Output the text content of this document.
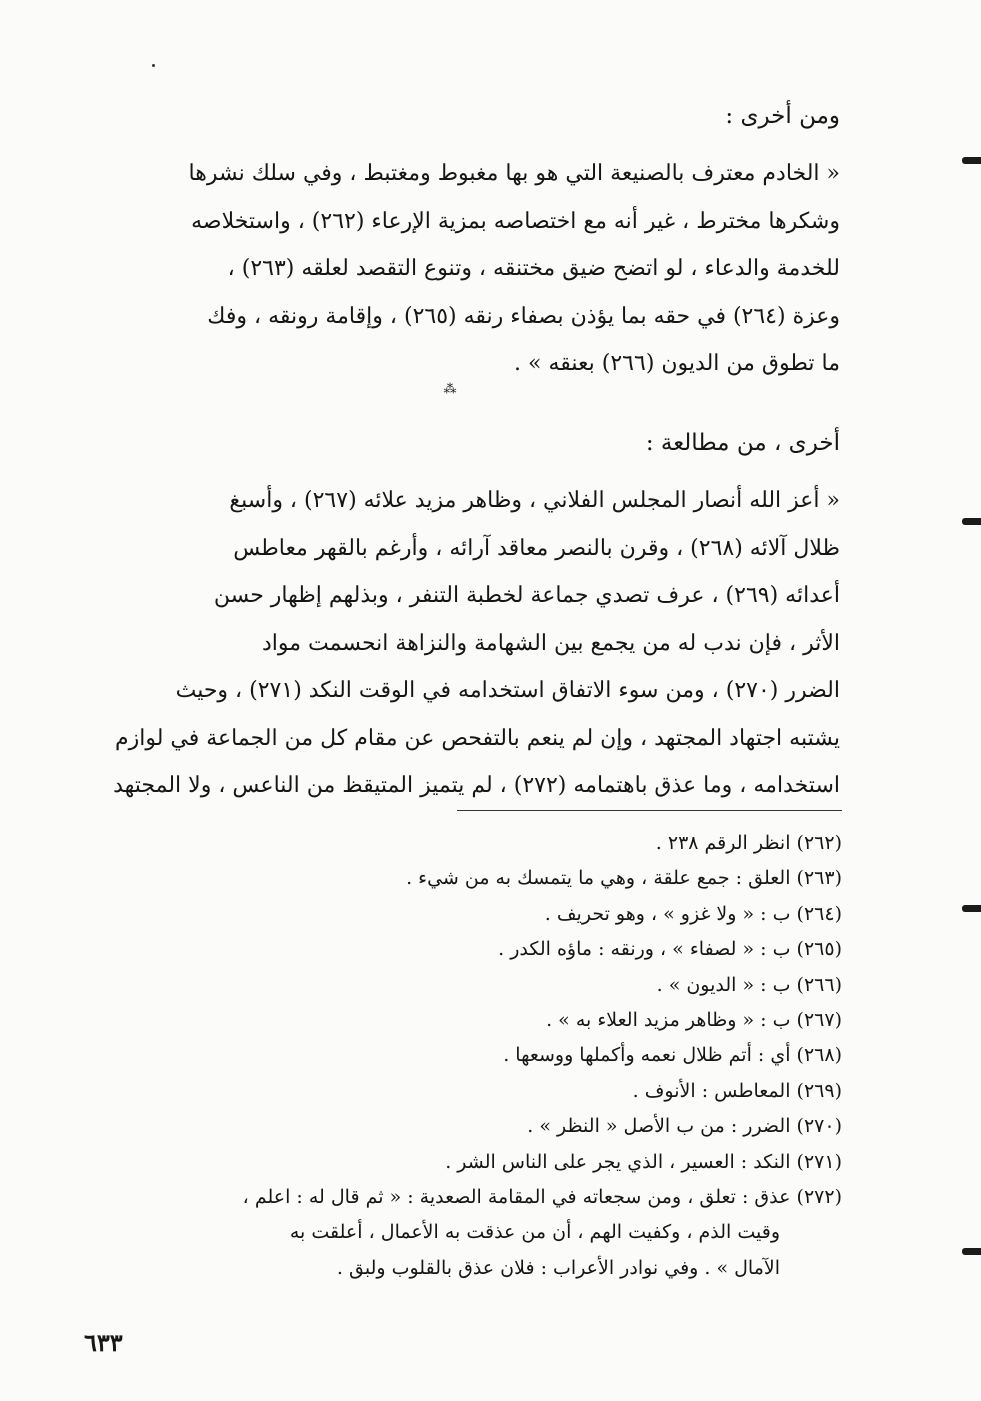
ومن أخرى :
« الخادم معترف بالصنيعة التي هو بها مغبوط ومغتبط ، وفي سلك نشرها
وشكرها مخترط ، غير أنه مع اختصاصه بمزية الإرعاء (٢٦٢) ، واستخلاصه
للخدمة والدعاء ، لو اتضح ضيق مختنقه ، وتنوع التقصد لعلقه (٢٦٣) ،
وعزة (٢٦٤) في حقه بما يؤذن بصفاء رنقه (٢٦٥) ، وإقامة رونقه ، وفك
ما تطوق من الديون (٢٦٦) بعنقه » .
⁂
أخرى ، من مطالعة :
« أعز الله أنصار المجلس الفلاني ، وظاهر مزيد علائه (٢٦٧) ، وأسبغ
ظلال آلائه (٢٦٨) ، وقرن بالنصر معاقد آرائه ، وأرغم بالقهر معاطس
أعدائه (٢٦٩) ، عرف تصدي جماعة لخطبة التنفر ، وبذلهم إظهار حسن
الأثر ، فإن ندب له من يجمع بين الشهامة والنزاهة انحسمت مواد
الضرر (٢٧٠) ، ومن سوء الاتفاق استخدامه في الوقت النكد (٢٧١) ، وحيث
يشتبه اجتهاد المجتهد ، وإن لم ينعم بالتفحص عن مقام كل من الجماعة في لوازم
استخدامه ، وما عذق باهتمامه (٢٧٢) ، لم يتميز المتيقظ من الناعس ، ولا المجتهد
(٢٦٢) انظر الرقم ٢٣٨ .
(٢٦٣) العلق : جمع علقة ، وهي ما يتمسك به من شيء .
(٢٦٤) ب : « ولا غزو » ، وهو تحريف .
(٢٦٥) ب : « لصفاء » ، ورنقه : ماؤه الكدر .
(٢٦٦) ب : « الديون » .
(٢٦٧) ب : « وظاهر مزيد العلاء به » .
(٢٦٨) أي : أتم ظلال نعمه وأكملها ووسعها .
(٢٦٩) المعاطس : الأنوف .
(٢٧٠) الضرر : من ب الأصل « النظر » .
(٢٧١) النكد : العسير ، الذي يجر على الناس الشر .
(٢٧٢) عذق : تعلق ، ومن سجعاته في المقامة الصعدية : « ثم قال له : اعلم ،
وقيت الذم ، وكفيت الهم ، أن من عذقت به الأعمال ، أعلقت به
الآمال » . وفي نوادر الأعراب : فلان عذق بالقلوب ولبق .
٦٣٣
